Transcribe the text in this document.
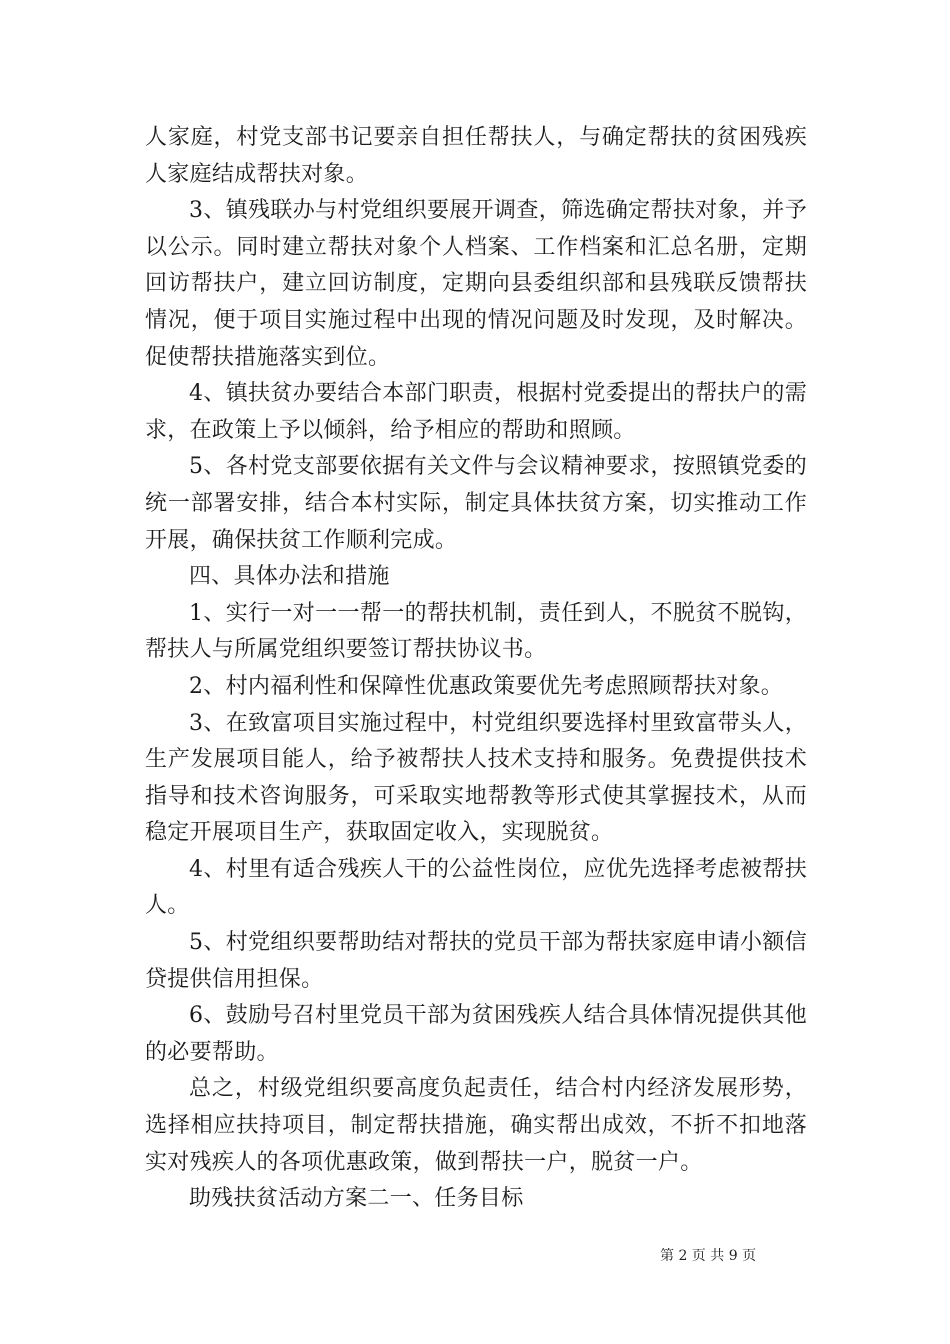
人家庭，村党支部书记要亲自担任帮扶人，与确定帮扶的贫困残疾人家庭结成帮扶对象。

3、镇残联办与村党组织要展开调查，筛选确定帮扶对象，并予以公示。同时建立帮扶对象个人档案、工作档案和汇总名册，定期回访帮扶户，建立回访制度，定期向县委组织部和县残联反馈帮扶情况，便于项目实施过程中出现的情况问题及时发现，及时解决。促使帮扶措施落实到位。

4、镇扶贫办要结合本部门职责，根据村党委提出的帮扶户的需求，在政策上予以倾斜，给予相应的帮助和照顾。

5、各村党支部要依据有关文件与会议精神要求，按照镇党委的统一部署安排，结合本村实际，制定具体扶贫方案，切实推动工作开展，确保扶贫工作顺利完成。

四、具体办法和措施

1、实行一对一一帮一的帮扶机制，责任到人，不脱贫不脱钩，帮扶人与所属党组织要签订帮扶协议书。

2、村内福利性和保障性优惠政策要优先考虑照顾帮扶对象。

3、在致富项目实施过程中，村党组织要选择村里致富带头人，生产发展项目能人，给予被帮扶人技术支持和服务。免费提供技术指导和技术咨询服务，可采取实地帮教等形式使其掌握技术，从而稳定开展项目生产，获取固定收入，实现脱贫。

4、村里有适合残疾人干的公益性岗位，应优先选择考虑被帮扶人。

5、村党组织要帮助结对帮扶的党员干部为帮扶家庭申请小额信贷提供信用担保。

6、鼓励号召村里党员干部为贫困残疾人结合具体情况提供其他的必要帮助。

总之，村级党组织要高度负起责任，结合村内经济发展形势，选择相应扶持项目，制定帮扶措施，确实帮出成效，不折不扣地落实对残疾人的各项优惠政策，做到帮扶一户，脱贫一户。

助残扶贫活动方案二一、任务目标

第 2 页 共 9 页
